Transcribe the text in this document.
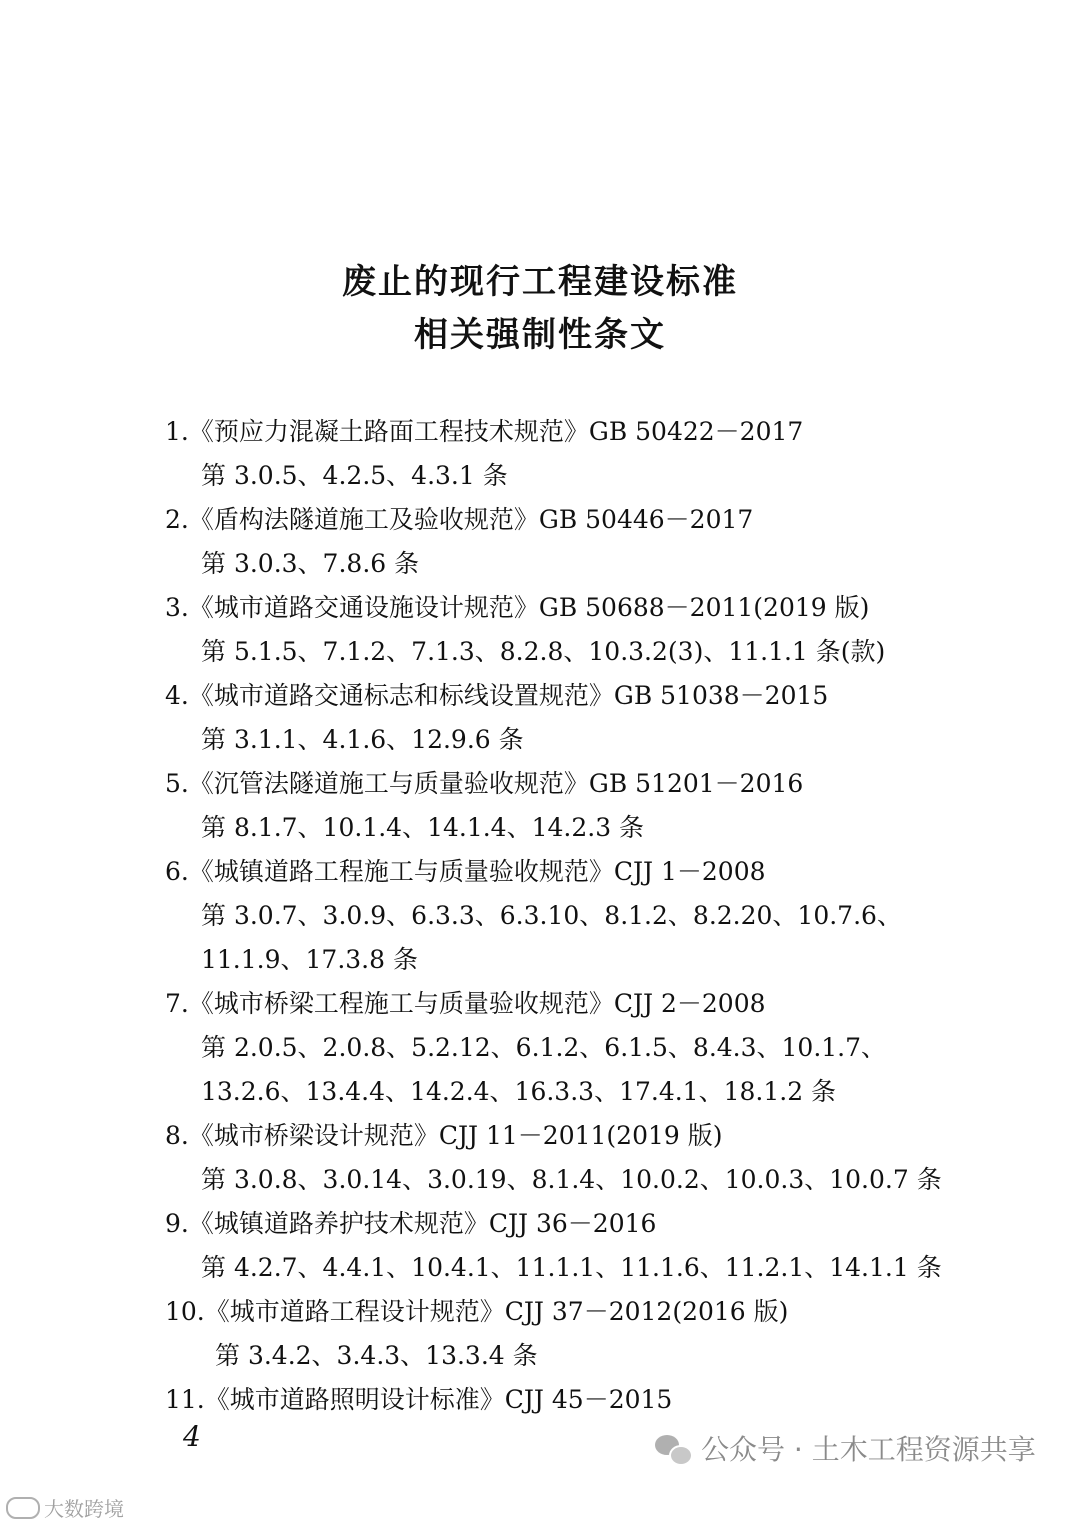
废止的现行工程建设标准
相关强制性条文
1.《预应力混凝土路面工程技术规范》GB 50422－2017
第 3.0.5、4.2.5、4.3.1 条
2.《盾构法隧道施工及验收规范》GB 50446－2017
第 3.0.3、7.8.6 条
3.《城市道路交通设施设计规范》GB 50688－2011(2019 版)
第 5.1.5、7.1.2、7.1.3、8.2.8、10.3.2(3)、11.1.1 条(款)
4.《城市道路交通标志和标线设置规范》GB 51038－2015
第 3.1.1、4.1.6、12.9.6 条
5.《沉管法隧道施工与质量验收规范》GB 51201－2016
第 8.1.7、10.1.4、14.1.4、14.2.3 条
6.《城镇道路工程施工与质量验收规范》CJJ 1－2008
第 3.0.7、3.0.9、6.3.3、6.3.10、8.1.2、8.2.20、10.7.6、
11.1.9、17.3.8 条
7.《城市桥梁工程施工与质量验收规范》CJJ 2－2008
第 2.0.5、2.0.8、5.2.12、6.1.2、6.1.5、8.4.3、10.1.7、
13.2.6、13.4.4、14.2.4、16.3.3、17.4.1、18.1.2 条
8.《城市桥梁设计规范》CJJ 11－2011(2019 版)
第 3.0.8、3.0.14、3.0.19、8.1.4、10.0.2、10.0.3、10.0.7 条
9.《城镇道路养护技术规范》CJJ 36－2016
第 4.2.7、4.4.1、10.4.1、11.1.1、11.1.6、11.2.1、14.1.1 条
10.《城市道路工程设计规范》CJJ 37－2012(2016 版)
第 3.4.2、3.4.3、13.3.4 条
11.《城市道路照明设计标准》CJJ 45－2015
4	公众号 · 土木工程资源共享
大数跨境
